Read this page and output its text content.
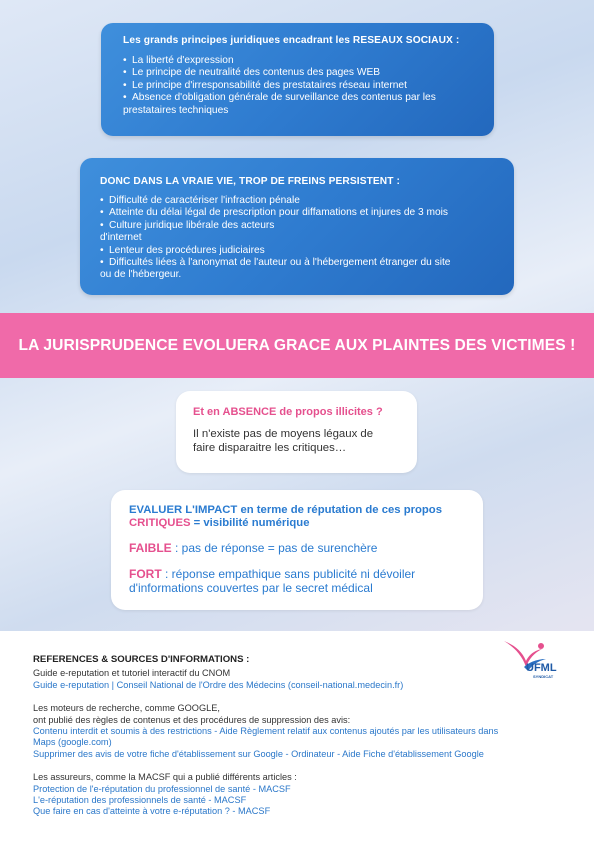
Les grands principes juridiques encadrant les RESEAUX SOCIAUX :

• La liberté d'expression
• Le principe de neutralité des contenus des pages WEB
• Le principe d'irresponsabilité des prestataires réseau internet
• Absence d'obligation générale de surveillance des contenus par les
prestataires techniques

DONC DANS LA VRAIE VIE, TROP DE FREINS PERSISTENT :

• Difficulté de caractériser l'infraction pénale
• Atteinte du délai légal de prescription pour diffamations et injures de 3 mois
• Culture juridique libérale des acteurs
d'internet
• Lenteur des procédures judiciaires
• Difficultés liées à l'anonymat de l'auteur ou à l'hébergement étranger du site
ou de l'hébergeur.
LA JURISPRUDENCE EVOLUERA GRACE AUX PLAINTES DES VICTIMES !
Et en ABSENCE de propos illicites ?
Il n'existe pas de moyens légaux de
faire disparaitre les critiques…
EVALUER L'IMPACT en terme de réputation de ces propos
CRITIQUES = visibilité numérique
FAIBLE : pas de réponse = pas de surenchère
FORT : réponse empathique sans publicité ni dévoiler
d'informations couvertes par le secret médical
REFERENCES & SOURCES D'INFORMATIONS :
Guide e-reputation et tutoriel interactif du CNOM
Guide e-reputation | Conseil National de l'Ordre des Médecins (conseil-national.medecin.fr)
Les moteurs de recherche, comme GOOGLE,
ont publié des règles de contenus et des procédures de suppression des avis:
Contenu interdit et soumis à des restrictions - Aide Règlement relatif aux contenus ajoutés par les utilisateurs dans
Maps (google.com)
Supprimer des avis de votre fiche d'établissement sur Google - Ordinateur - Aide Fiche d'établissement Google
Les assureurs, comme la MACSF qui a publié différents articles :
Protection de l'e-réputation du professionnel de santé - MACSF
L'e-réputation des professionnels de santé - MACSF
Que faire en cas d'atteinte à votre e-réputation ? - MACSF
UFML
SYNDICAT
